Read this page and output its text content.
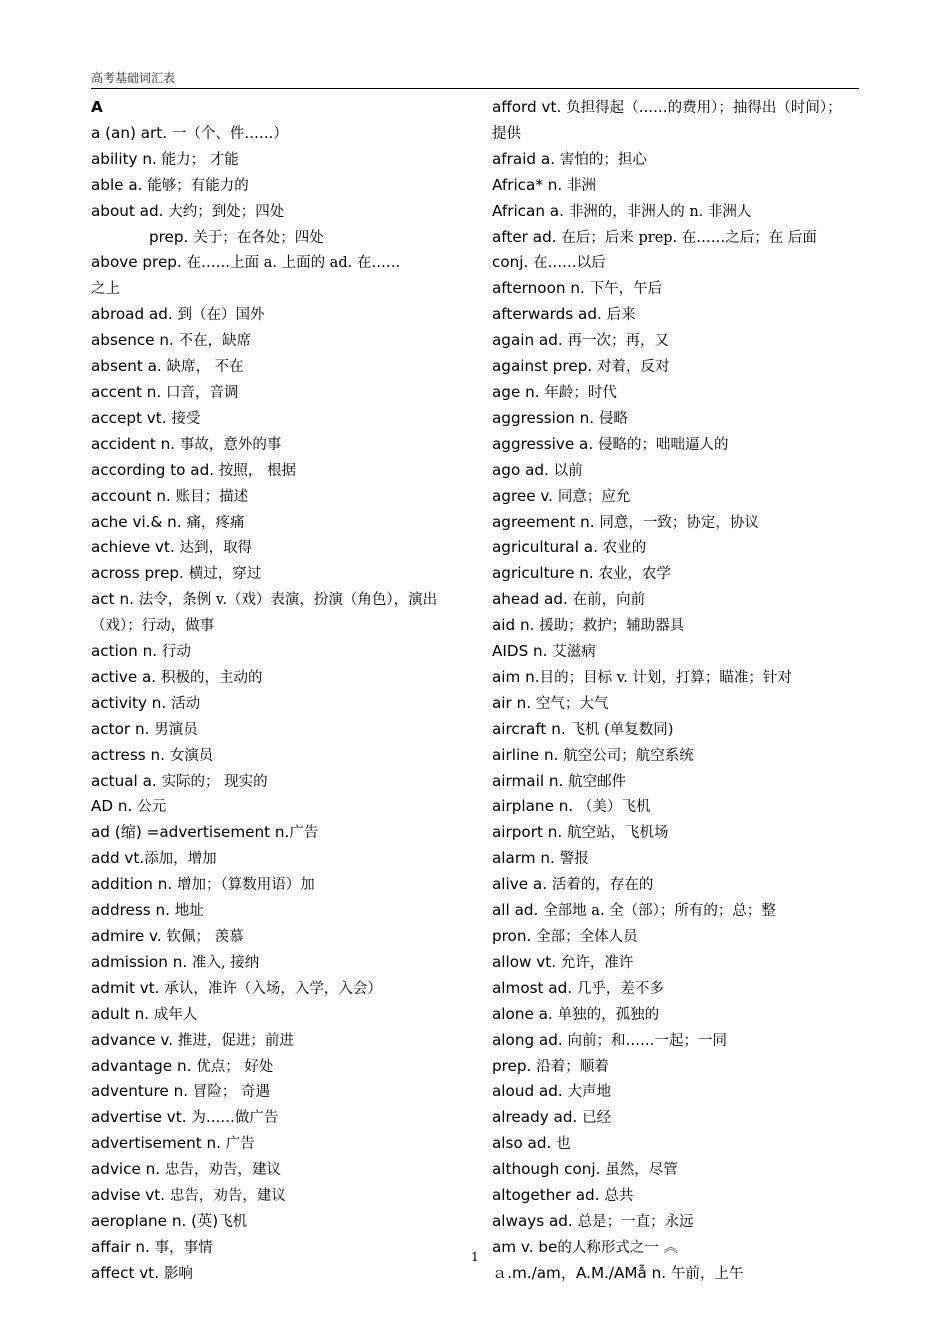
高考基础词汇表
A
a (an) art. 一（个、件……）
ability n. 能力； 才能
able a. 能够；有能力的
about ad. 大约；到处；四处
prep. 关于；在各处；四处
above prep. 在……上面 a. 上面的 ad. 在……
之上
abroad ad. 到（在）国外
absence n. 不在，缺席
absent a. 缺席， 不在
accent n. 口音，音调
accept vt. 接受
accident n. 事故，意外的事
according to ad. 按照， 根据
account n. 账目；描述
ache vi.& n. 痛，疼痛
achieve vt. 达到，取得
across prep. 横过，穿过
act n. 法令，条例 v.（戏）表演，扮演（角色），演出
（戏）；行动，做事
action n. 行动
active a. 积极的，主动的
activity n. 活动
actor n. 男演员
actress n. 女演员
actual a. 实际的； 现实的
AD n. 公元
ad (缩) =advertisement n.广告
add vt.添加，增加
addition n. 增加；（算数用语）加
address n. 地址
admire v. 钦佩； 羡慕
admission n. 准入, 接纳
admit vt. 承认，准许（入场，入学，入会）
adult n. 成年人
advance v. 推进，促进；前进
advantage n. 优点； 好处
adventure n. 冒险； 奇遇
advertise vt. 为……做广告
advertisement n. 广告
advice n. 忠告，劝告，建议
advise vt. 忠告，劝告，建议
aeroplane n. (英)飞机
affair n. 事，事情
affect vt. 影响
afford vt. 负担得起（……的费用）；抽得出（时间）；
提供
afraid a. 害怕的；担心
Africa* n. 非洲
African a. 非洲的，非洲人的 n. 非洲人
after ad. 在后；后来 prep. 在……之后；在 后面
conj. 在……以后
afternoon n. 下午，午后
afterwards ad. 后来
again ad. 再一次；再，又
against prep. 对着，反对
age n. 年龄；时代
aggression n. 侵略
aggressive a. 侵略的；咄咄逼人的
ago ad. 以前
agree v. 同意；应允
agreement n. 同意，一致；协定，协议
agricultural a. 农业的
agriculture n. 农业，农学
ahead ad. 在前，向前
aid n. 援助；救护；辅助器具
AIDS n. 艾滋病
aim n.目的；目标 v. 计划，打算；瞄准；针对
air n. 空气；大气
aircraft n. 飞机 (单复数同)
airline n. 航空公司；航空系统
airmail n. 航空邮件
airplane n. （美）飞机
airport n. 航空站，飞机场
alarm n. 警报
alive a. 活着的，存在的
all ad. 全部地 a. 全（部）；所有的；总；整
pron. 全部；全体人员
allow vt. 允许，准许
almost ad. 几乎，差不多
alone a. 单独的，孤独的
along ad. 向前；和……一起；一同
prep. 沿着；顺着
aloud ad. 大声地
already ad. 已经
also ad. 也
although conj. 虽然，尽管
altogether ad. 总共
always ad. 总是；一直；永远
am v. be的人称形式之一 ︽
ａ.m./am，A.M./AMẫ n. 午前，上午
1
